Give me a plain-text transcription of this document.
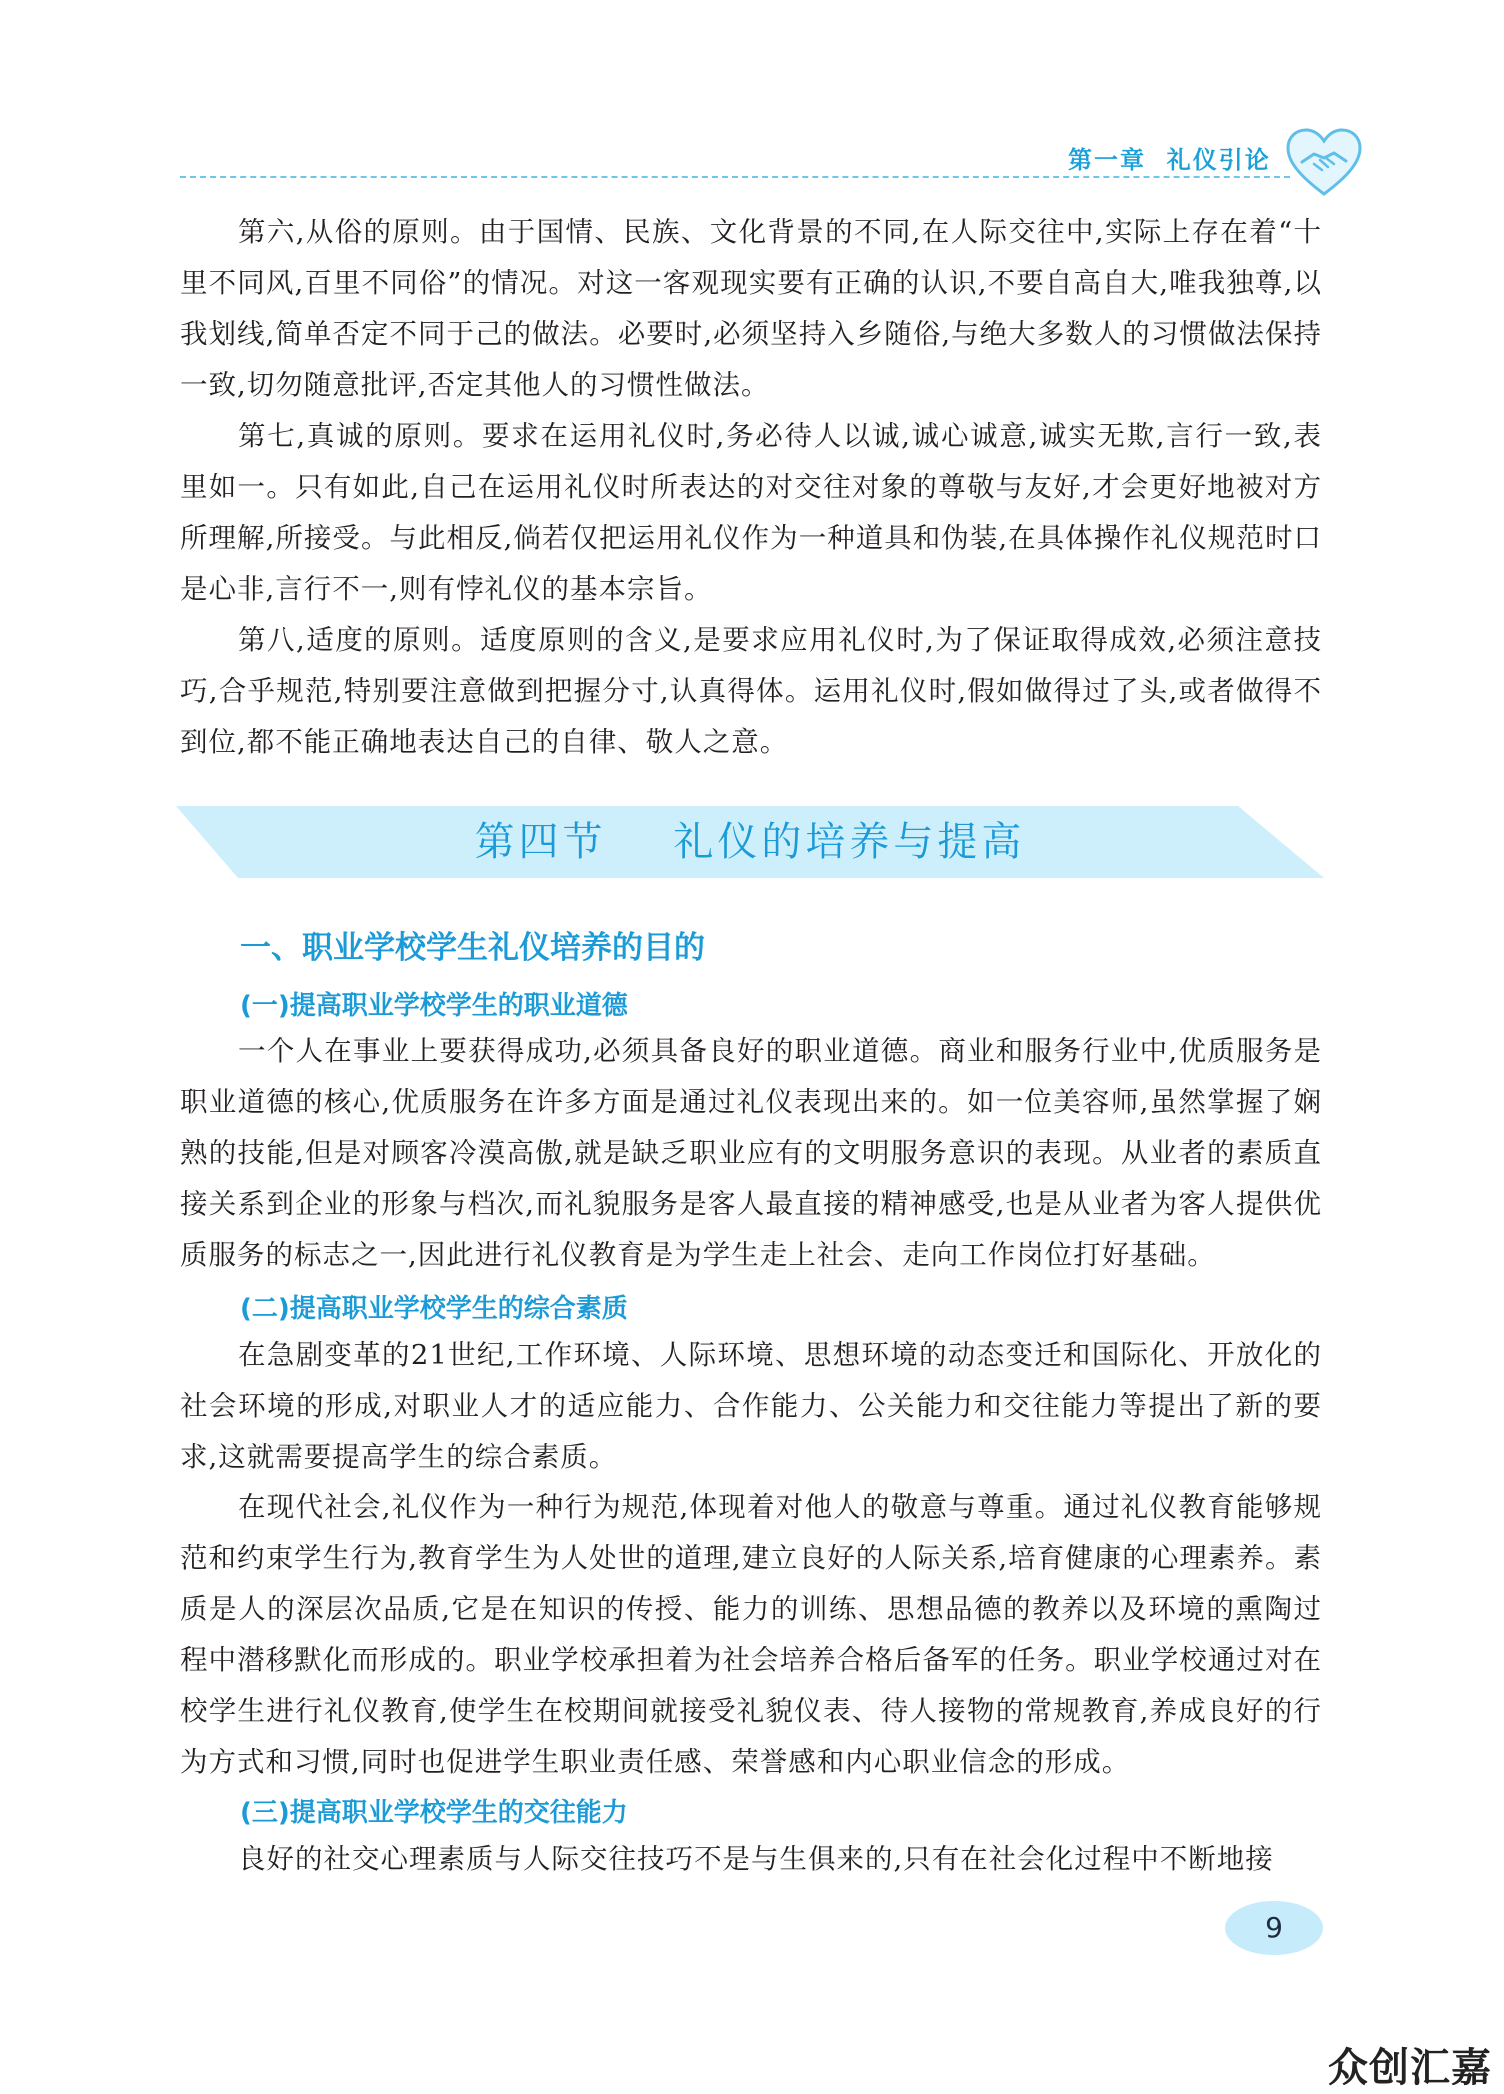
第一章 礼仪引论

第六,从俗的原则。由于国情、民族、文化背景的不同,在人际交往中,实际上存在着“十里不同风,百里不同俗”的情况。对这一客观现实要有正确的认识,不要自高自大,唯我独尊,以我划线,简单否定不同于己的做法。必要时,必须坚持入乡随俗,与绝大多数人的习惯做法保持一致,切勿随意批评,否定其他人的习惯性做法。

第七,真诚的原则。要求在运用礼仪时,务必待人以诚,诚心诚意,诚实无欺,言行一致,表里如一。只有如此,自己在运用礼仪时所表达的对交往对象的尊敬与友好,才会更好地被对方所理解,所接受。与此相反,倘若仅把运用礼仪作为一种道具和伪装,在具体操作礼仪规范时口是心非,言行不一,则有悖礼仪的基本宗旨。

第八,适度的原则。适度原则的含义,是要求应用礼仪时,为了保证取得成效,必须注意技巧,合乎规范,特别要注意做到把握分寸,认真得体。运用礼仪时,假如做得过了头,或者做得不到位,都不能正确地表达自己的自律、敬人之意。

第四节 礼仪的培养与提高
一、职业学校学生礼仪培养的目的
(一)提高职业学校学生的职业道德

一个人在事业上要获得成功,必须具备良好的职业道德。商业和服务行业中,优质服务是职业道德的核心,优质服务在许多方面是通过礼仪表现出来的。如一位美容师,虽然掌握了娴熟的技能,但是对顾客冷漠高傲,就是缺乏职业应有的文明服务意识的表现。从业者的素质直接关系到企业的形象与档次,而礼貌服务是客人最直接的精神感受,也是从业者为客人提供优质服务的标志之一,因此进行礼仪教育是为学生走上社会、走向工作岗位打好基础。

(二)提高职业学校学生的综合素质

在急剧变革的21世纪,工作环境、人际环境、思想环境的动态变迁和国际化、开放化的社会环境的形成,对职业人才的适应能力、合作能力、公关能力和交往能力等提出了新的要求,这就需要提高学生的综合素质。

在现代社会,礼仪作为一种行为规范,体现着对他人的敬意与尊重。通过礼仪教育能够规范和约束学生行为,教育学生为人处世的道理,建立良好的人际关系,培育健康的心理素养。素质是人的深层次品质,它是在知识的传授、能力的训练、思想品德的教养以及环境的熏陶过程中潜移默化而形成的。职业学校承担着为社会培养合格后备军的任务。职业学校通过对在校学生进行礼仪教育,使学生在校期间就接受礼貌仪表、待人接物的常规教育,养成良好的行为方式和习惯,同时也促进学生职业责任感、荣誉感和内心职业信念的形成。

(三)提高职业学校学生的交往能力

良好的社交心理素质与人际交往技巧不是与生俱来的,只有在社会化过程中不断地接

9
众创汇嘉
